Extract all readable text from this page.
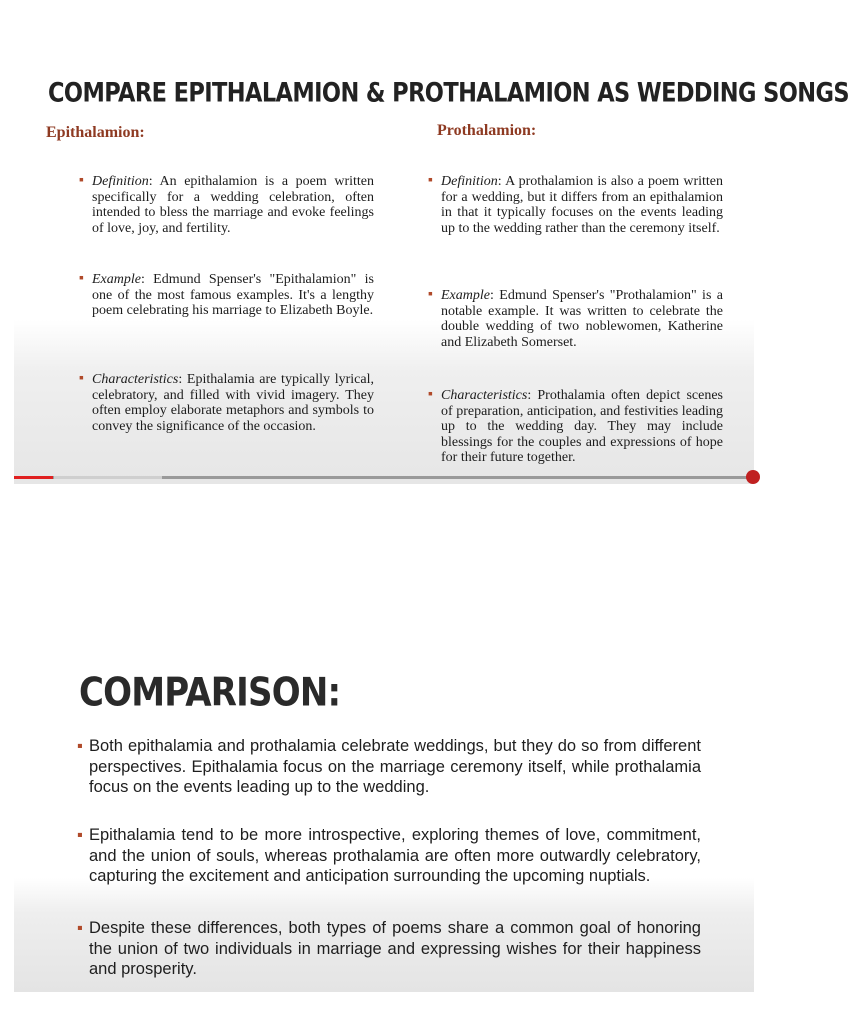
COMPARE EPITHALAMION & PROTHALAMION AS WEDDING SONGS
Epithalamion:
▪ Definition: An epithalamion is a poem written specifically for a wedding celebration, often intended to bless the marriage and evoke feelings of love, joy, and fertility.
▪ Example: Edmund Spenser's "Epithalamion" is one of the most famous examples. It's a lengthy poem celebrating his marriage to Elizabeth Boyle.
▪ Characteristics: Epithalamia are typically lyrical, celebratory, and filled with vivid imagery. They often employ elaborate metaphors and symbols to convey the significance of the occasion.
Prothalamion:
▪ Definition: A prothalamion is also a poem written for a wedding, but it differs from an epithalamion in that it typically focuses on the events leading up to the wedding rather than the ceremony itself.
▪ Example: Edmund Spenser's "Prothalamion" is a notable example. It was written to celebrate the double wedding of two noblewomen, Katherine and Elizabeth Somerset.
▪ Characteristics: Prothalamia often depict scenes of preparation, anticipation, and festivities leading up to the wedding day. They may include blessings for the couples and expressions of hope for their future together.
COMPARISON:
▪ Both epithalamia and prothalamia celebrate weddings, but they do so from different perspectives. Epithalamia focus on the marriage ceremony itself, while prothalamia focus on the events leading up to the wedding.
▪ Epithalamia tend to be more introspective, exploring themes of love, commitment, and the union of souls, whereas prothalamia are often more outwardly celebratory, capturing the excitement and anticipation surrounding the upcoming nuptials.
▪ Despite these differences, both types of poems share a common goal of honoring the union of two individuals in marriage and expressing wishes for their happiness and prosperity.
